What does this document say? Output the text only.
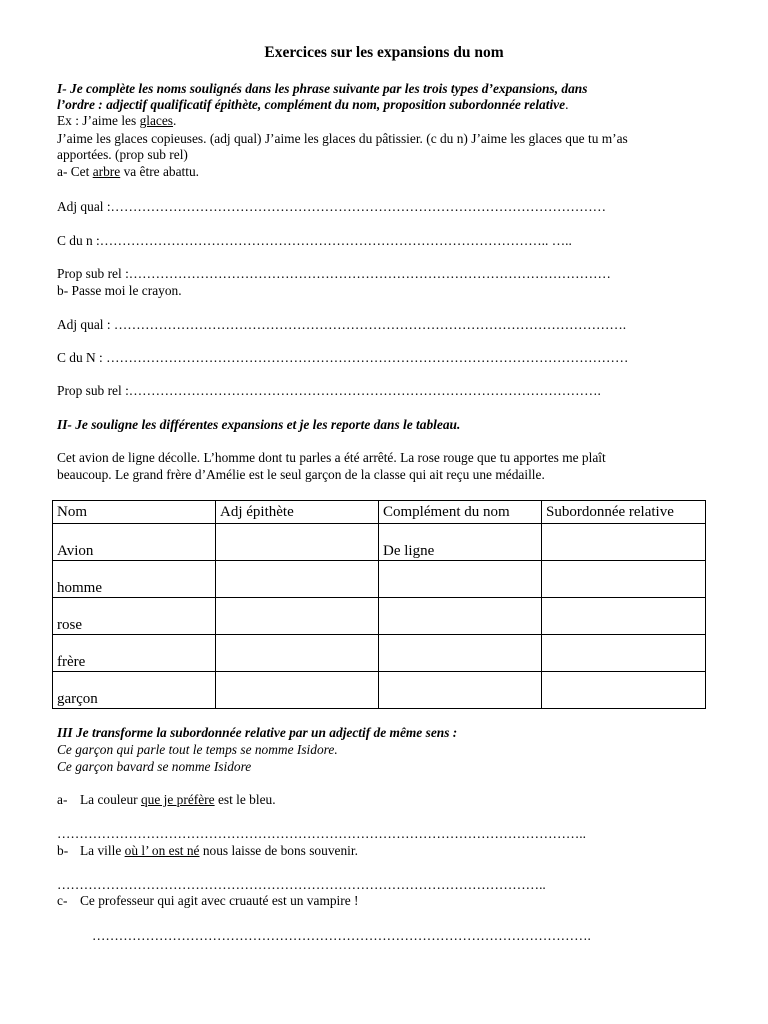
Exercices sur les expansions du nom
I- Je complète les noms soulignés dans les phrase suivante par les trois types d’expansions, dans
l’ordre : adjectif qualificatif épithète, complément du nom, proposition subordonnée relative.
Ex : J’aime les glaces.
J’aime les glaces copieuses. (adj qual) J’aime les glaces du pâtissier. (c du n) J’aime les glaces que tu m’as
apportées. (prop sub rel)
a- Cet arbre va être abattu.
Adj qual :…………………………………………………………………………………………………
C du n :……………………………………………………………………………………….. …..
Prop sub rel :………………………………………………………………………………………………
b- Passe moi le crayon.
Adj qual : …………………………………………………………………………………………………….
C du N : ………………………………………………………………………………………………………
Prop sub rel :…………………………………………………………………………………………….
II- Je souligne les différentes expansions et je les reporte dans le tableau.
Cet avion de ligne décolle. L’homme dont tu parles a été arrêté. La rose rouge que tu apportes me plaît
beaucoup. Le grand frère d’Amélie est le seul garçon de la classe qui ait reçu une médaille.
Nom	Adj épithète	Complément du nom	Subordonnée relative
Avion		De ligne	
homme			
rose			
frère			
garçon			
III Je transforme la subordonnée relative par un adjectif de même sens :
Ce garçon qui parle tout le temps se nomme Isidore.
Ce garçon bavard se nomme Isidore
a- La couleur que je préfère est le bleu.
………………………………………………………………………………………………………..
b- La ville où l’ on est né nous laisse de bons souvenir.
………………………………………………………………………………………………..
c- Ce professeur qui agit avec cruauté est un vampire !
………………………………………………………………………………………………….
